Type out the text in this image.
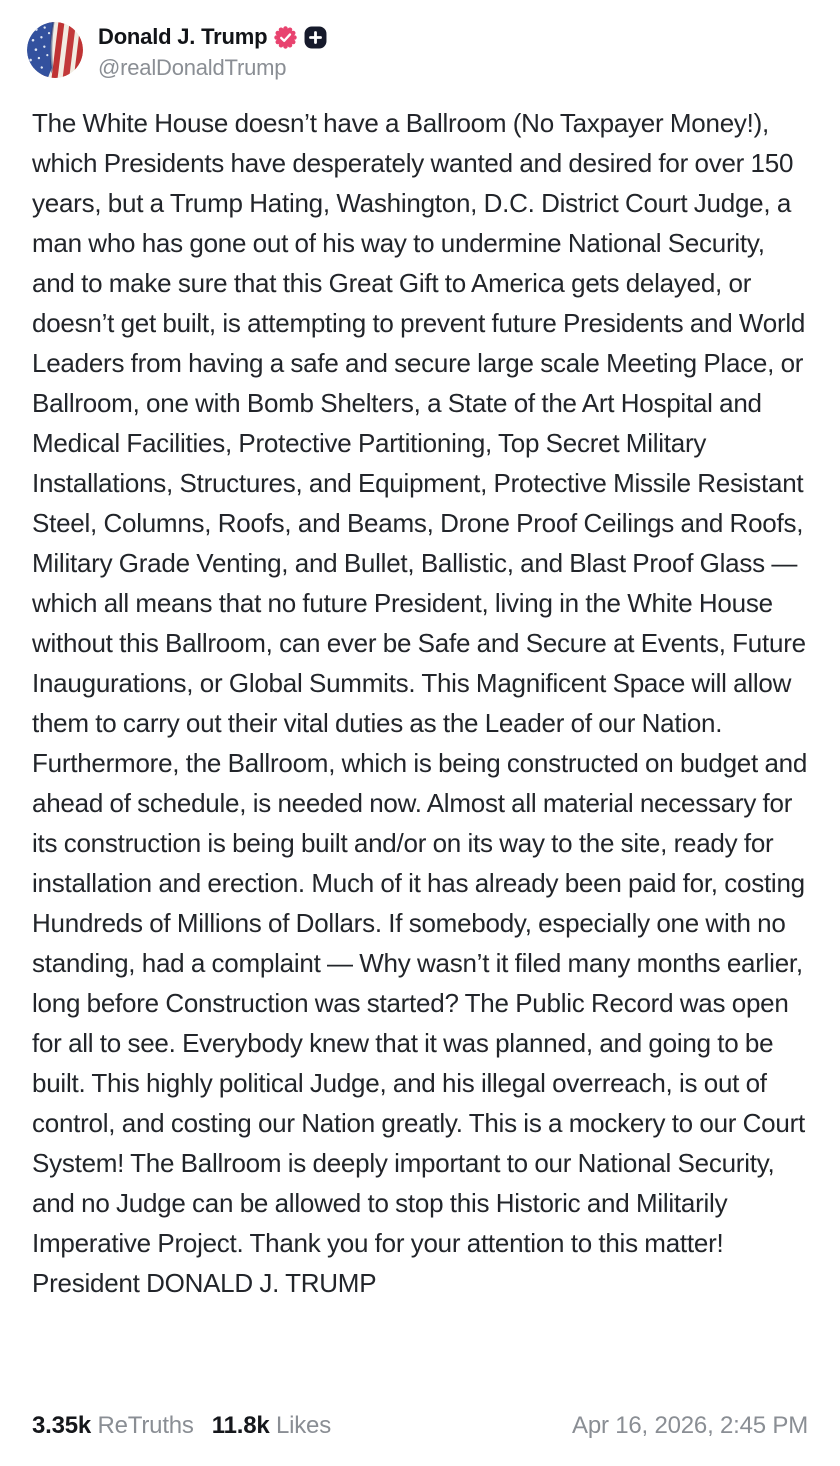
Donald J. Trump
@realDonaldTrump
The White House doesn’t have a Ballroom (No Taxpayer Money!), which Presidents have desperately wanted and desired for over 150 years, but a Trump Hating, Washington, D.C. District Court Judge, a man who has gone out of his way to undermine National Security, and to make sure that this Great Gift to America gets delayed, or doesn’t get built, is attempting to prevent future Presidents and World Leaders from having a safe and secure large scale Meeting Place, or Ballroom, one with Bomb Shelters, a State of the Art Hospital and Medical Facilities, Protective Partitioning, Top Secret Military Installations, Structures, and Equipment, Protective Missile Resistant Steel, Columns, Roofs, and Beams, Drone Proof Ceilings and Roofs, Military Grade Venting, and Bullet, Ballistic, and Blast Proof Glass —which all means that no future President, living in the White House without this Ballroom, can ever be Safe and Secure at Events, Future Inaugurations, or Global Summits. This Magnificent Space will allow them to carry out their vital duties as the Leader of our Nation. Furthermore, the Ballroom, which is being constructed on budget and ahead of schedule, is needed now. Almost all material necessary for its construction is being built and/or on its way to the site, ready for installation and erection. Much of it has already been paid for, costing Hundreds of Millions of Dollars. If somebody, especially one with no standing, had a complaint — Why wasn’t it filed many months earlier, long before Construction was started? The Public Record was open for all to see. Everybody knew that it was planned, and going to be built. This highly political Judge, and his illegal overreach, is out of control, and costing our Nation greatly. This is a mockery to our Court System! The Ballroom is deeply important to our National Security, and no Judge can be allowed to stop this Historic and Militarily Imperative Project. Thank you for your attention to this matter! President DONALD J. TRUMP
3.35k ReTruths 11.8k Likes	Apr 16, 2026, 2:45 PM
